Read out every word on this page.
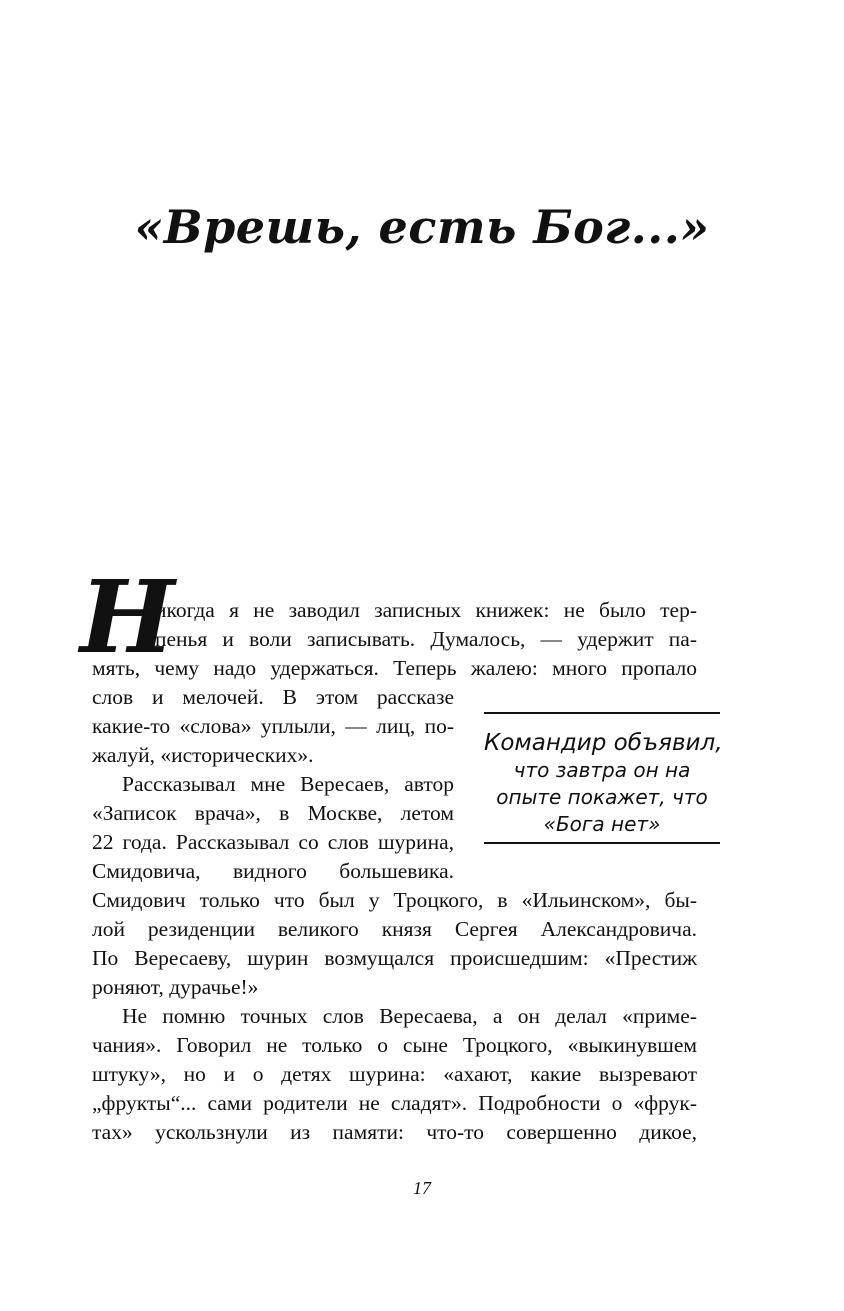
«Врешь, есть Бог...»
Н

икогда я не заводил записных книжек: не было тер-

пенья и воли записывать. Думалось, — удержит па-

мять, чему надо удержаться. Теперь жалею: много пропало

слов и мелочей. В этом рассказе

какие-то «слова» уплыли, — лиц, по-

жалуй, «исторических».

Рассказывал мне Вересаев, автор

«Записок врача», в Москве, летом

22 года. Рассказывал со слов шурина,

Смидовича, видного большевика.

Смидович только что был у Троцкого, в «Ильинском», бы-

лой резиденции великого князя Сергея Александровича.

По Вересаеву, шурин возмущался происшедшим: «Престиж

роняют, дурачье!»

Не помню точных слов Вересаева, а он делал «приме-

чания». Говорил не только о сыне Троцкого, «выкинувшем

штуку», но и о детях шурина: «ахают, какие вызревают

„фрукты“... сами родители не сладят». Подробности о «фрук-

тах» ускользнули из памяти: что-то совершенно дикое,

Командир объявил,
что завтра он на
опыте покажет, что
«Бога нет»
17
